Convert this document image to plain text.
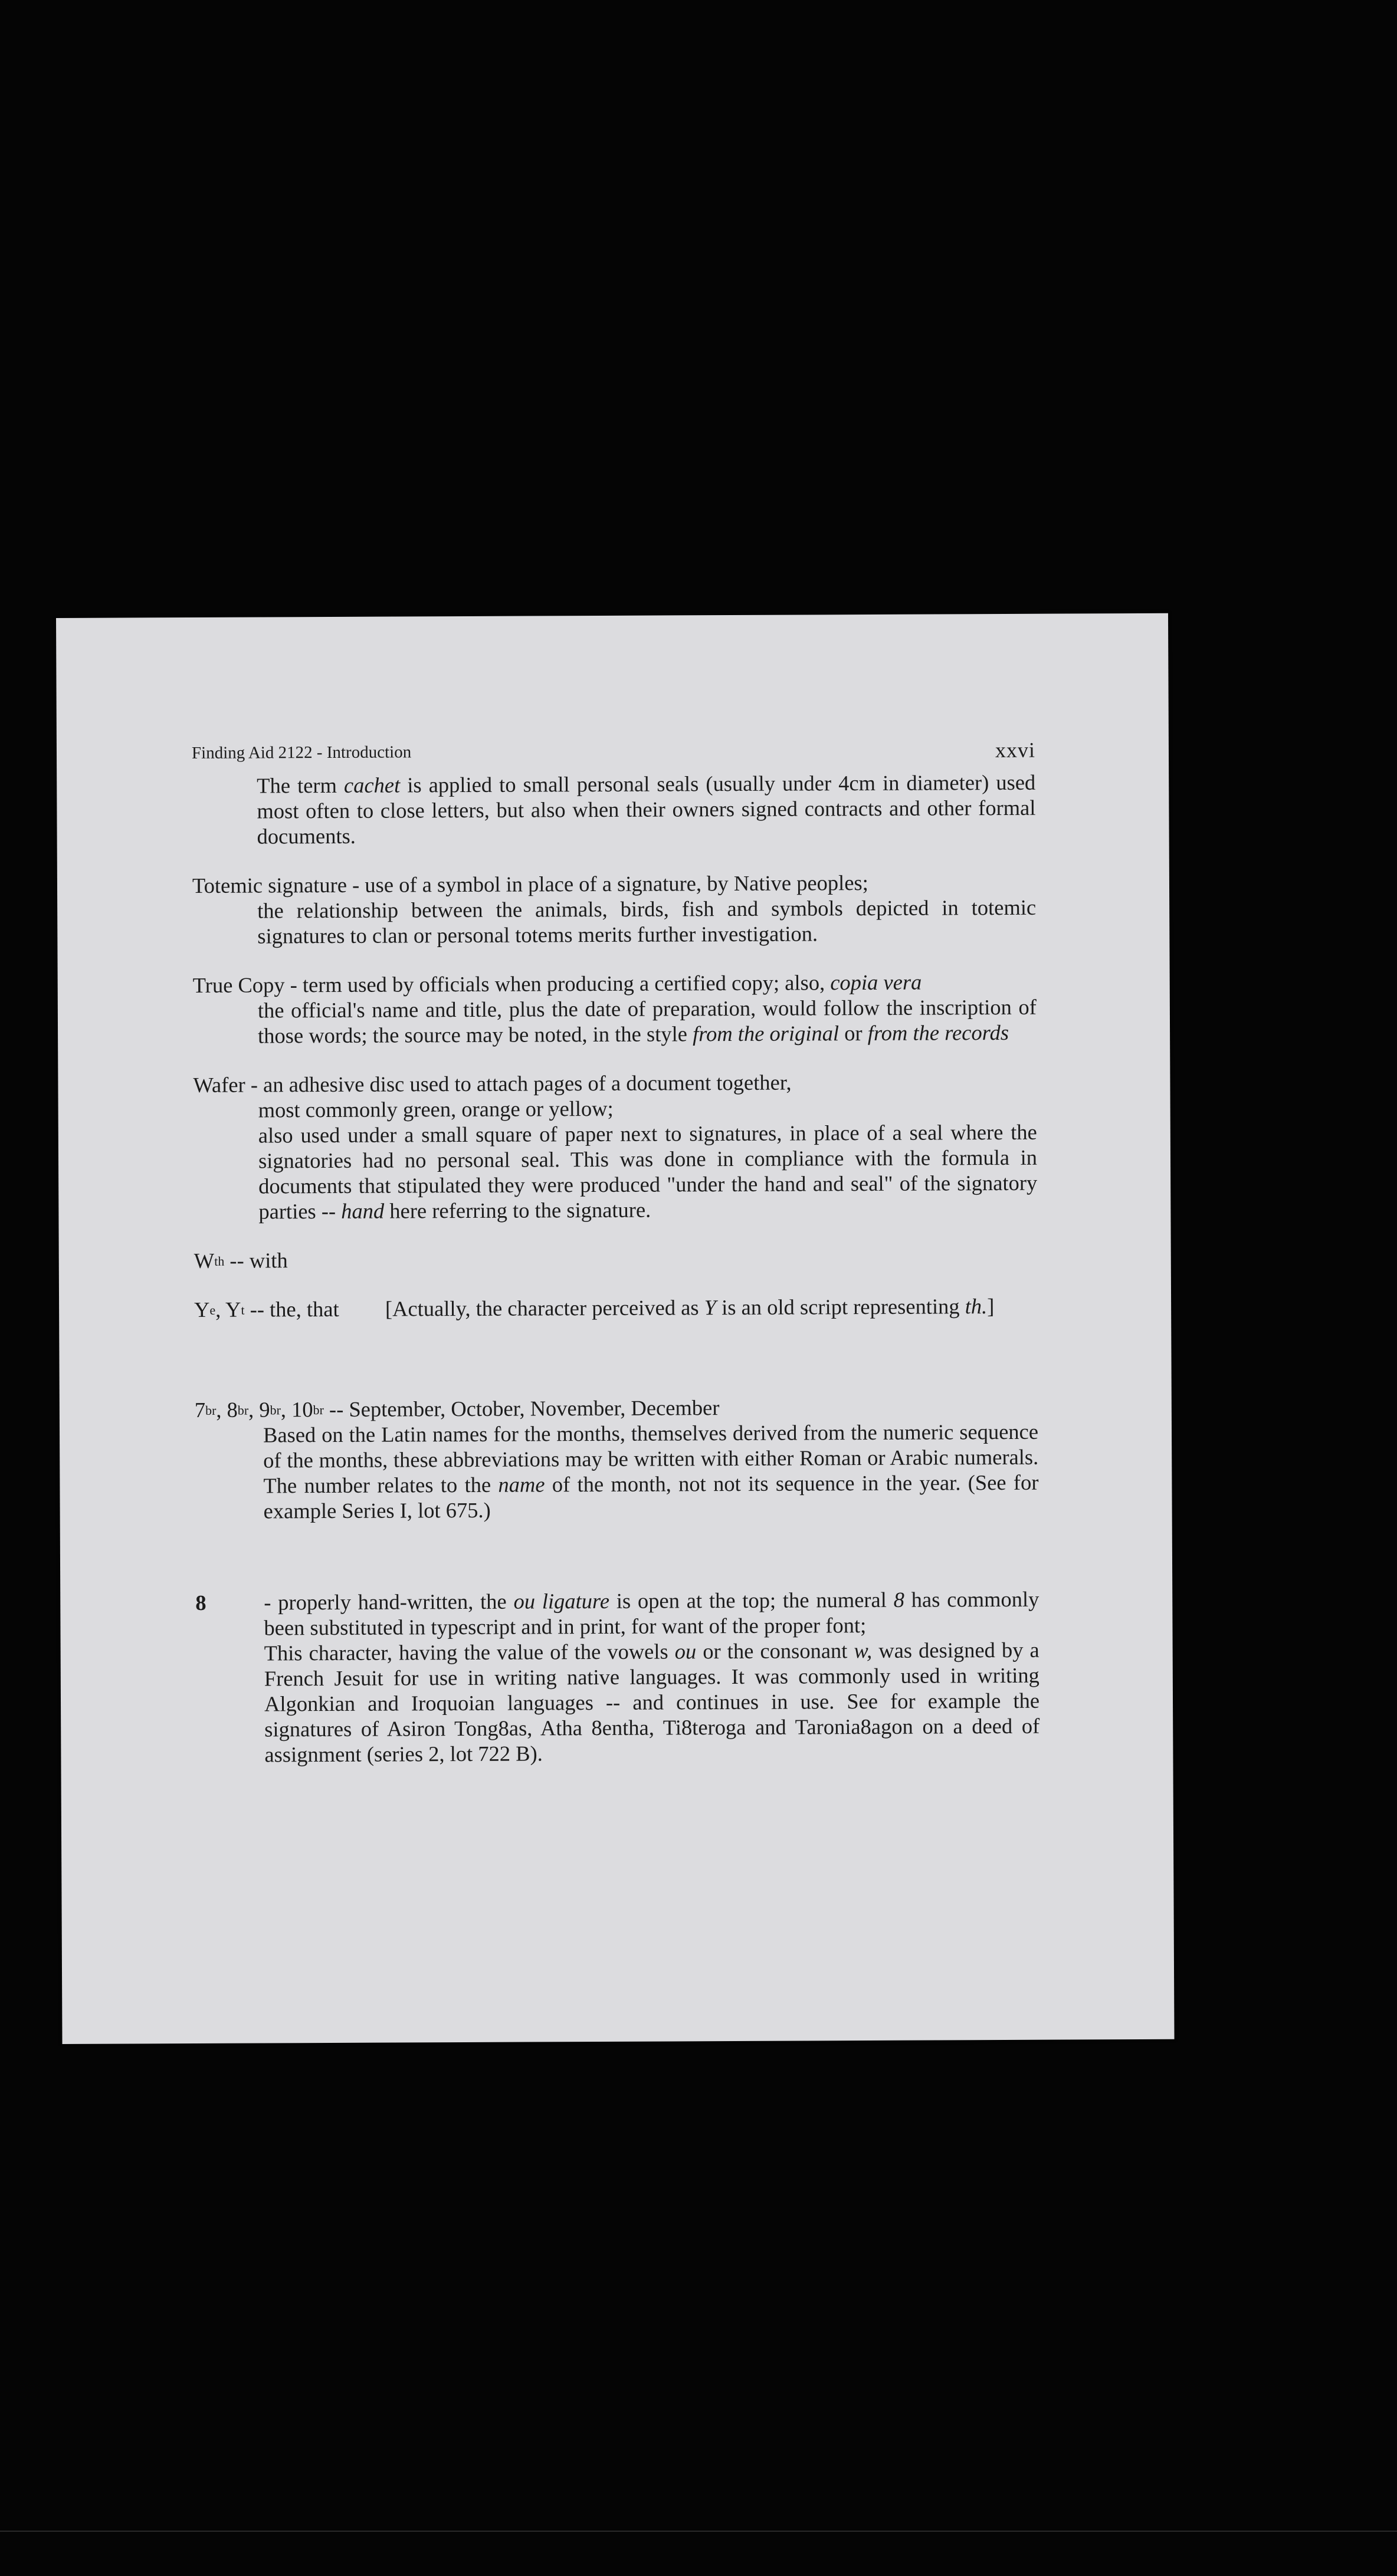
Finding Aid 2122 - Introduction	xxvi
The term cachet is applied to small personal seals (usually under 4cm in diameter) used most often to close letters, but also when their owners signed contracts and other formal documents.
Totemic signature - use of a symbol in place of a signature, by Native peoples;
the relationship between the animals, birds, fish and symbols depicted in totemic signatures to clan or personal totems merits further investigation.
True Copy - term used by officials when producing a certified copy; also, copia vera
the official's name and title, plus the date of preparation, would follow the inscription of those words; the source may be noted, in the style from the original or from the records
Wafer - an adhesive disc used to attach pages of a document together,
most commonly green, orange or yellow;
also used under a small square of paper next to signatures, in place of a seal where the signatories had no personal seal. This was done in compliance with the formula in documents that stipulated they were produced "under the hand and seal" of the signatory parties -- hand here referring to the signature.
$W^{th}$ -- with
$Y^e$, $Y^t$ -- the, that [Actually, the character perceived as Y is an old script representing th.]
$7^{br}$, $8^{br}$, $9^{br}$, $10^{br}$ -- September, October, November, December
Based on the Latin names for the months, themselves derived from the numeric sequence of the months, these abbreviations may be written with either Roman or Arabic numerals. The number relates to the name of the month, not not its sequence in the year. (See for example Series I, lot 675.)
8	- properly hand-written, the ou ligature is open at the top; the numeral 8 has commonly been substituted in typescript and in print, for want of the proper font;
This character, having the value of the vowels ou or the consonant w, was designed by a French Jesuit for use in writing native languages. It was commonly used in writing Algonkian and Iroquoian languages -- and continues in use. See for example the signatures of Asiron Tong8as, Atha 8entha, Ti8teroga and Taronia8agon on a deed of assignment (series 2, lot 722 B).
